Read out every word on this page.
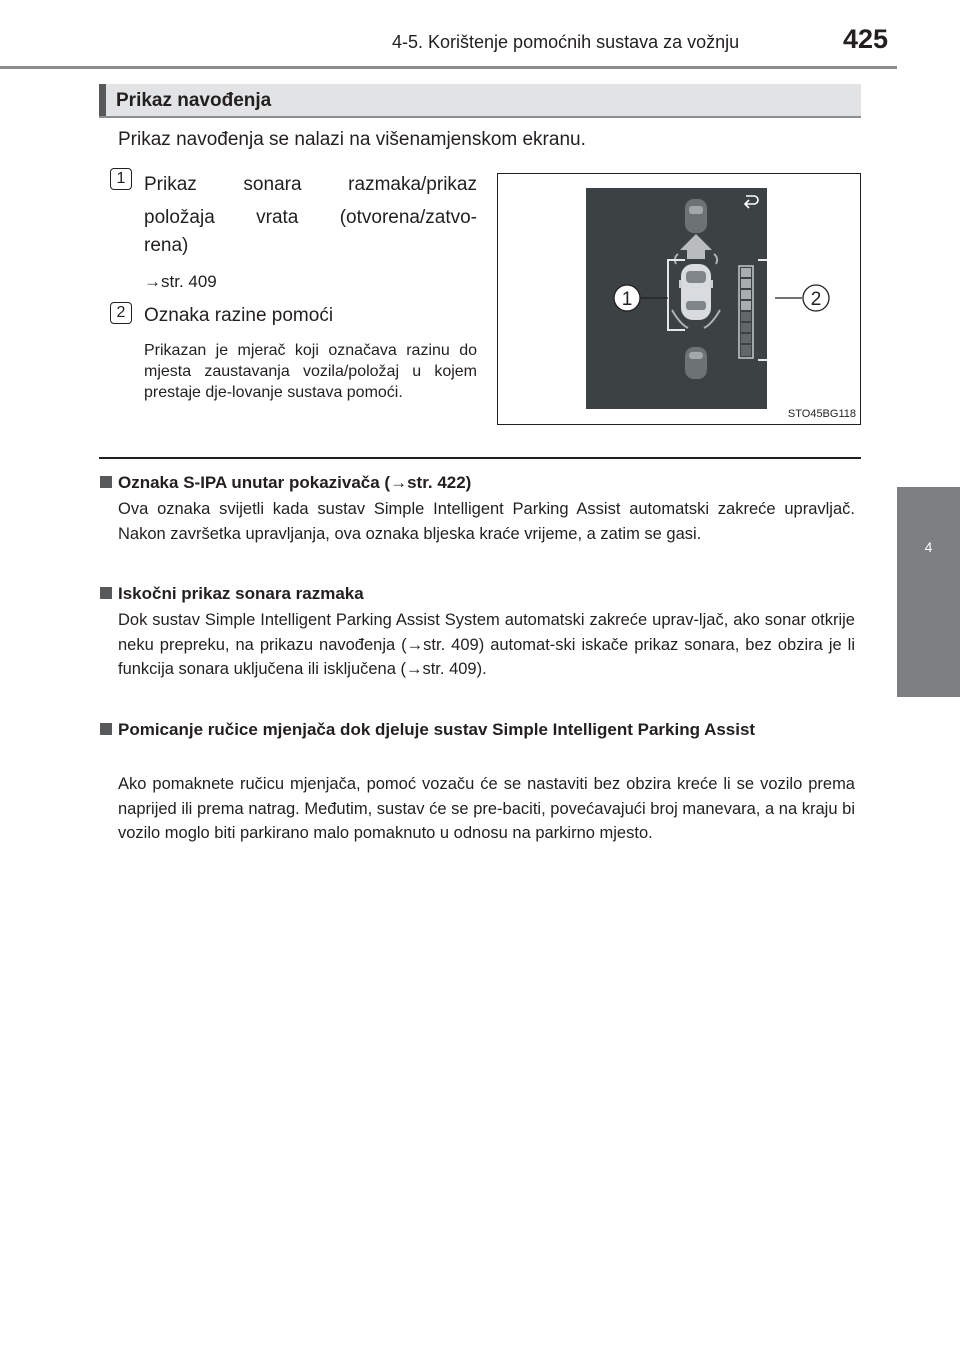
4-5. Korištenje pomoćnih sustava za vožnju	425
4
Vožnja
Prikaz navođenja
Prikaz navođenja se nalazi na višenamjenskom ekranu.
1 Prikaz sonara razmaka/prikaz
položaja vrata (otvorena/zatvo-
rena)
→str. 409
2 Oznaka razine pomoći
Prikazan je mjerač koji označava razinu do mjesta zaustavanja vozila/položaj u kojem prestaje dje-lovanje sustava pomoći.
1	2
STO45BG118
Oznaka S-IPA unutar pokazivača (→str. 422)
Ova oznaka svijetli kada sustav Simple Intelligent Parking Assist automatski zakreće upravljač. Nakon završetka upravljanja, ova oznaka bljeska kraće vrijeme, a zatim se gasi.
Iskočni prikaz sonara razmaka
Dok sustav Simple Intelligent Parking Assist System automatski zakreće uprav-ljač, ako sonar otkrije neku prepreku, na prikazu navođenja (→str. 409) automat-ski iskače prikaz sonara, bez obzira je li funkcija sonara uključena ili isključena (→str. 409).
Pomicanje ručice mjenjača dok djeluje sustav Simple Intelligent Parking Assist
Ako pomaknete ručicu mjenjača, pomoć vozaču će se nastaviti bez obzira kreće li se vozilo prema naprijed ili prema natrag. Međutim, sustav će se pre-baciti, povećavajući broj manevara, a na kraju bi vozilo moglo biti parkirano malo pomaknuto u odnosu na parkirno mjesto.
